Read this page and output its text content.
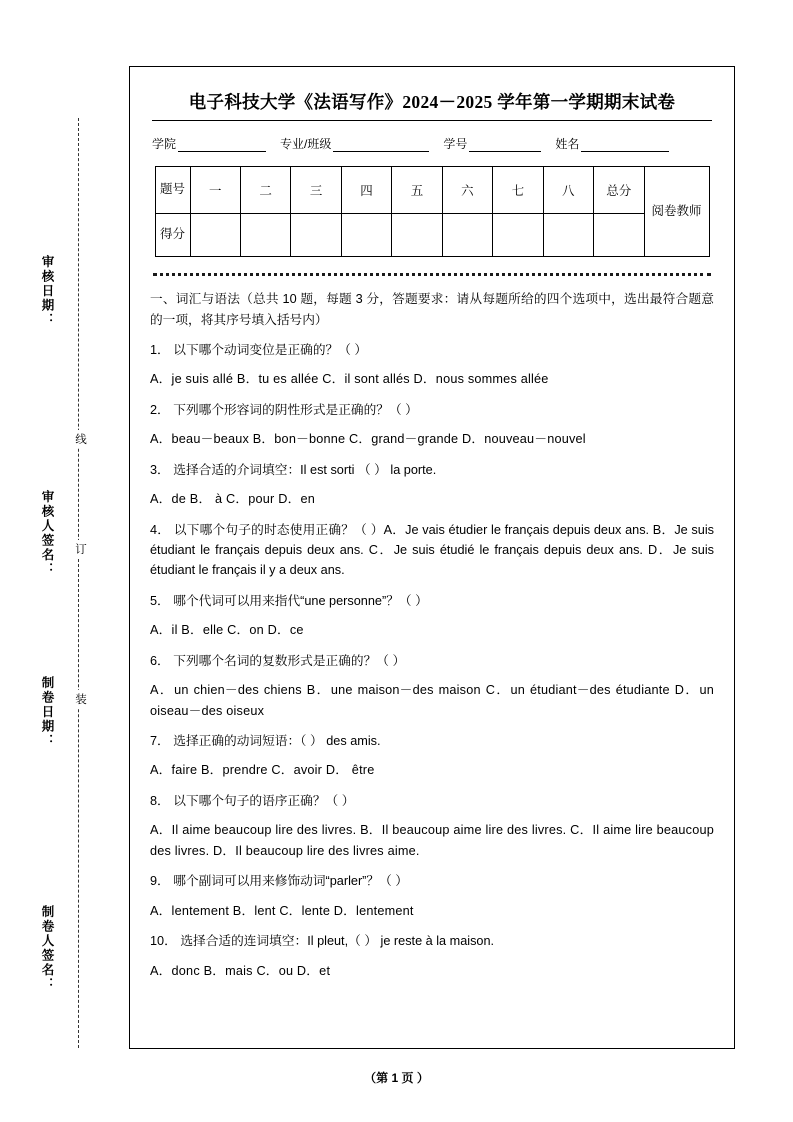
审核日期：
审核人签名：
制卷日期：
制卷人签名：
线
订
装
电子科技大学《法语写作》2024－2025 学年第一学期期末试卷
学院	专业/班级	学号	姓名
题号	一	二	三	四	五	六	七	八	总分	阅卷教师
得分										
一、词汇与语法（总共 10 题，每题 3 分，答题要求：请从每题所给的四个选项中，选出最符合题意的一项，将其序号填入括号内）
1． 以下哪个动词变位是正确的？（ ）
A．je suis allé B．tu es allée C．il sont allés D．nous sommes allée
2． 下列哪个形容词的阴性形式是正确的？（ ）
A．beau－beaux B．bon－bonne C．grand－grande D．nouveau－nouvel
3． 选择合适的介词填空：Il est sorti （ ） la porte.
A．de B． à C．pour D．en
4． 以下哪个句子的时态使用正确？（ ）A．Je vais étudier le français depuis deux ans. B．Je suis étudiant le français depuis deux ans. C．Je suis étudié le français depuis deux ans. D．Je suis étudiant le français il y a deux ans.
5． 哪个代词可以用来指代“une personne”？（ ）
A．il B．elle C．on D．ce
6． 下列哪个名词的复数形式是正确的？（ ）
A．un chien－des chiens B．une maison－des maison C．un étudiant－des étudiante D．un oiseau－des oiseux
7． 选择正确的动词短语：（ ） des amis.
A．faire B．prendre C．avoir D． être
8． 以下哪个句子的语序正确？（ ）
A．Il aime beaucoup lire des livres. B．Il beaucoup aime lire des livres. C．Il aime lire beaucoup des livres. D．Il beaucoup lire des livres aime.
9． 哪个副词可以用来修饰动词“parler”？（ ）
A．lentement B．lent C．lente D．lentement
10． 选择合适的连词填空：Il pleut,（ ） je reste à la maison.
A．donc B．mais C．ou D．et
（第 1 页 ）
